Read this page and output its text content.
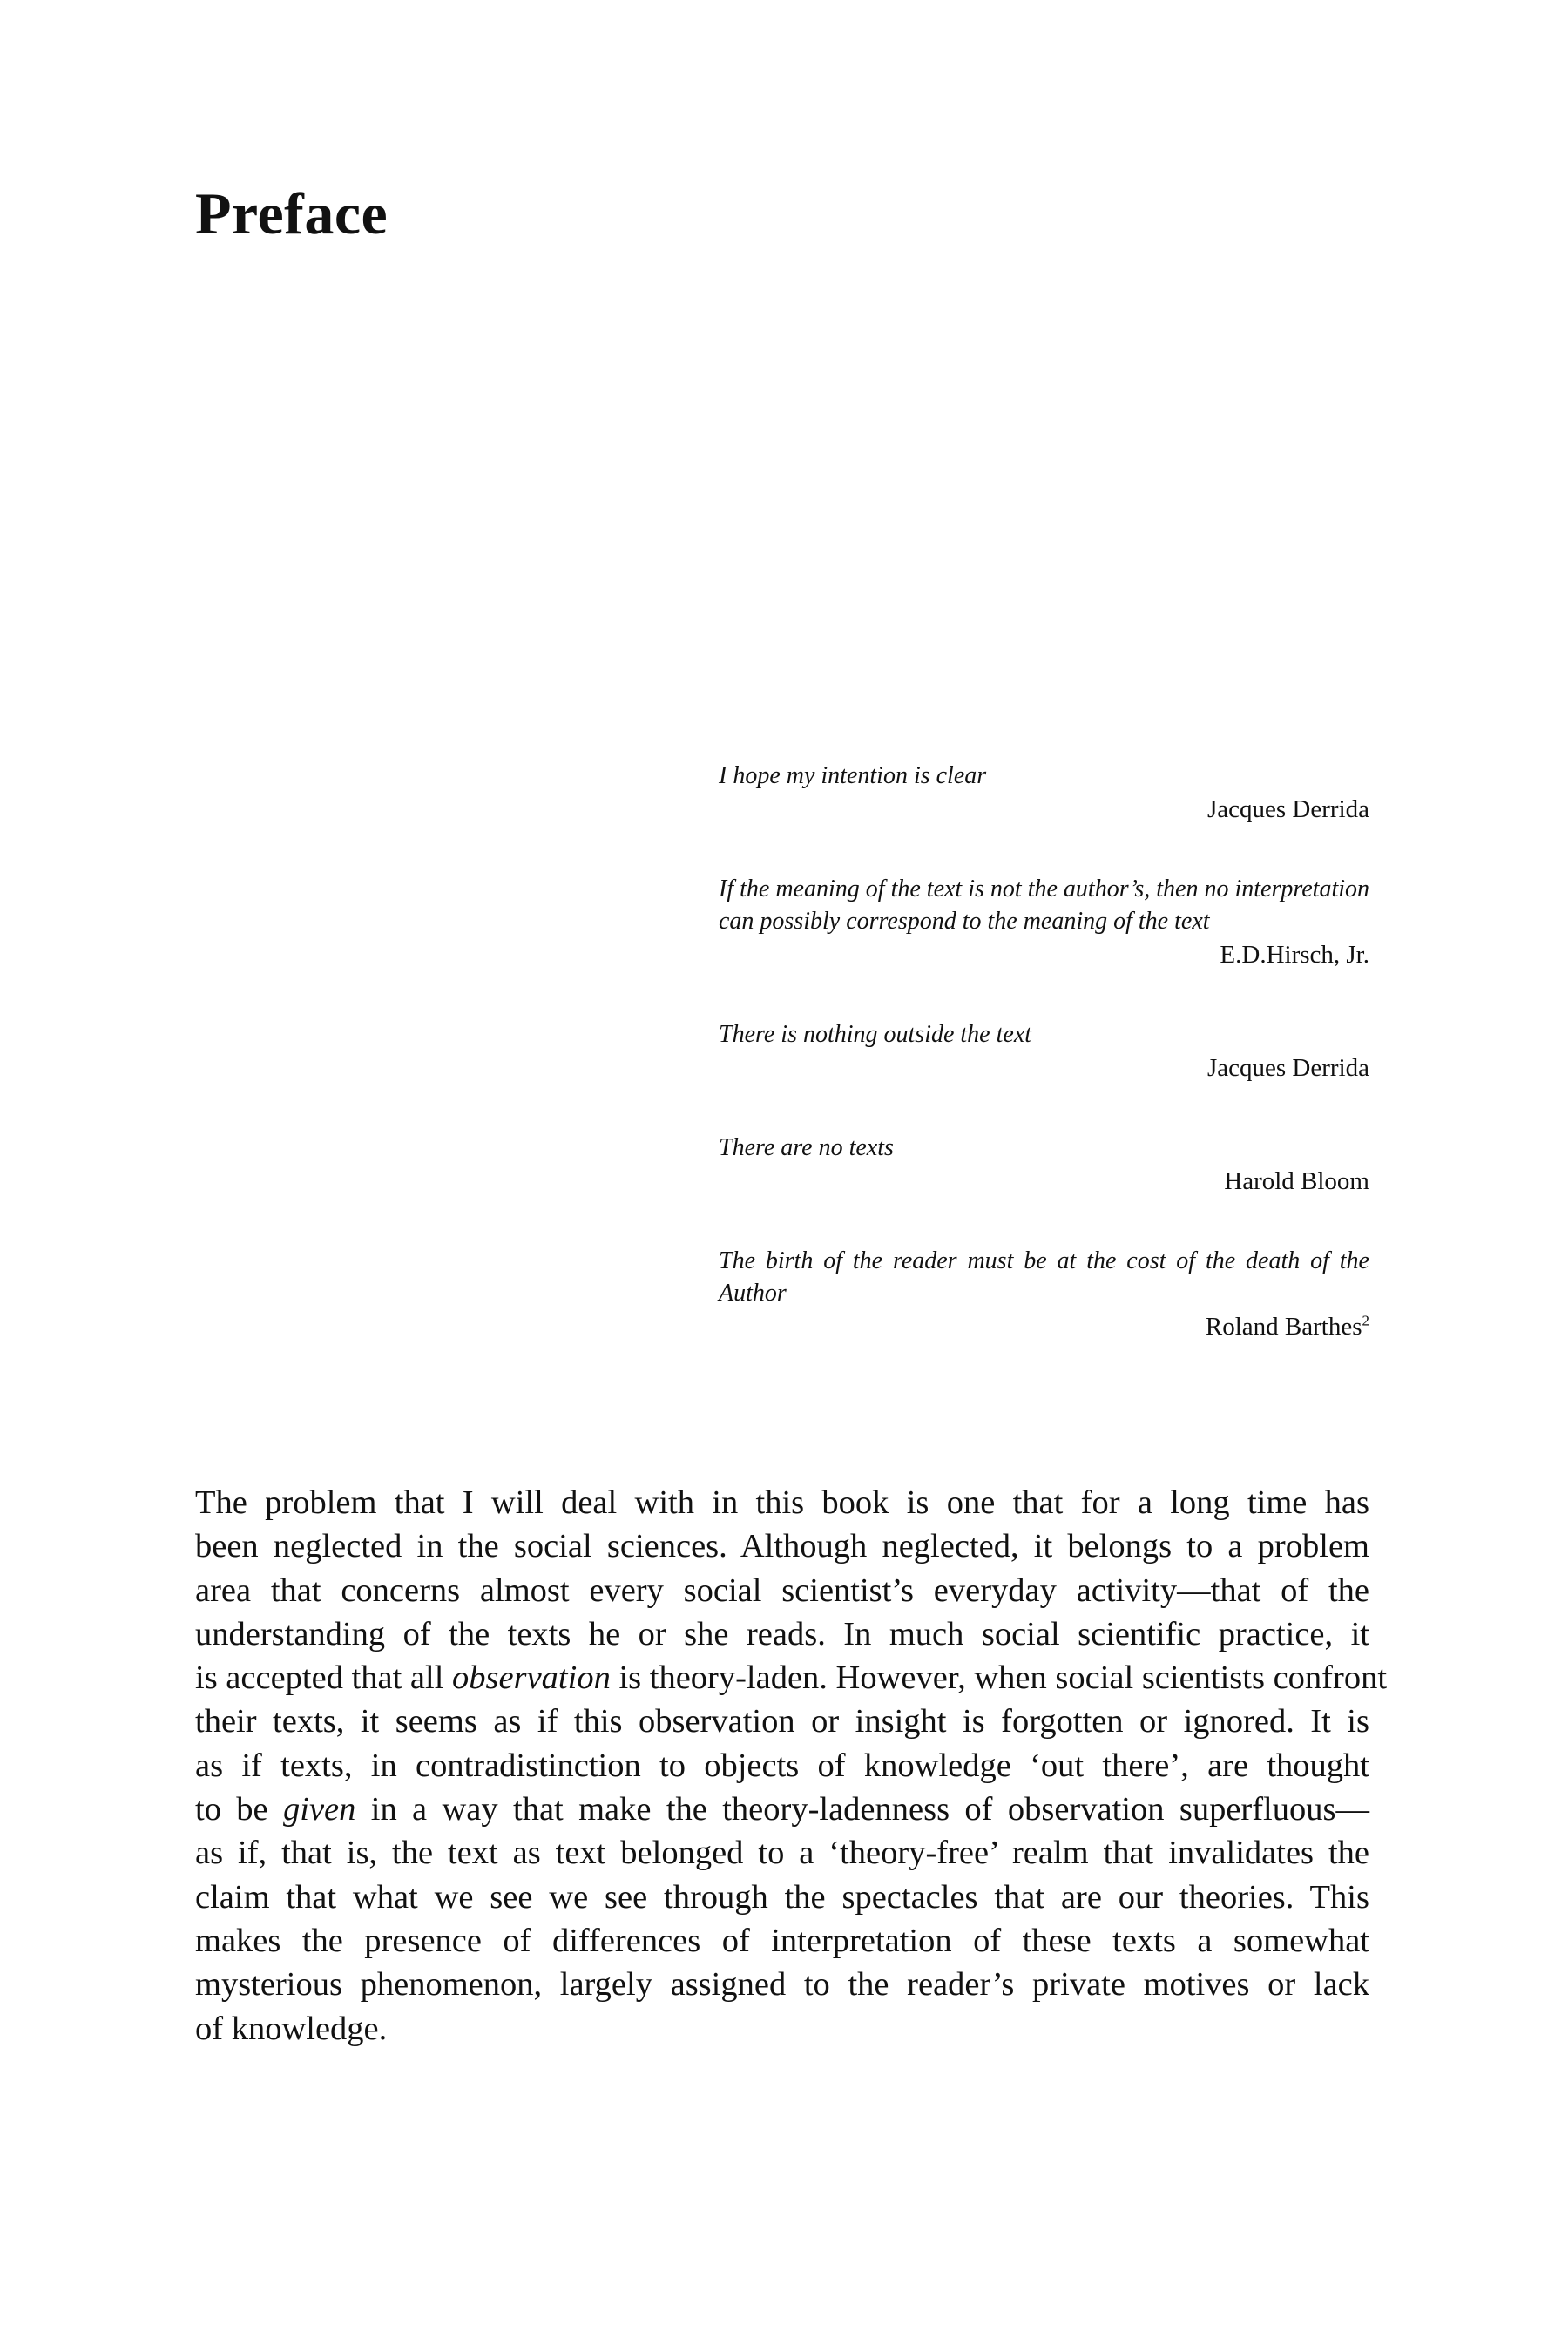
Preface

I hope my intention is clear

Jacques Derrida

If the meaning of the text is not the author’s, then no interpretation can possibly correspond to the meaning of the text

E.D.Hirsch, Jr.

There is nothing outside the text

Jacques Derrida

There are no texts

Harold Bloom

The birth of the reader must be at the cost of the death of the Author

Roland Barthes$^2$

The problem that I will deal with in this book is one that for a long time has
been neglected in the social sciences. Although neglected, it belongs to a problem
area that concerns almost every social scientist’s everyday activity—that of the
understanding of the texts he or she reads. In much social scientific practice, it
is accepted that all observation is theory-laden. However, when social scientists confront
their texts, it seems as if this observation or insight is forgotten or ignored. It is
as if texts, in contradistinction to objects of knowledge ‘out there’, are thought
to be given in a way that make the theory-ladenness of observation superfluous—
as if, that is, the text as text belonged to a ‘theory-free’ realm that invalidates the
claim that what we see we see through the spectacles that are our theories. This
makes the presence of differences of interpretation of these texts a somewhat
mysterious phenomenon, largely assigned to the reader’s private motives or lack
of knowledge.
